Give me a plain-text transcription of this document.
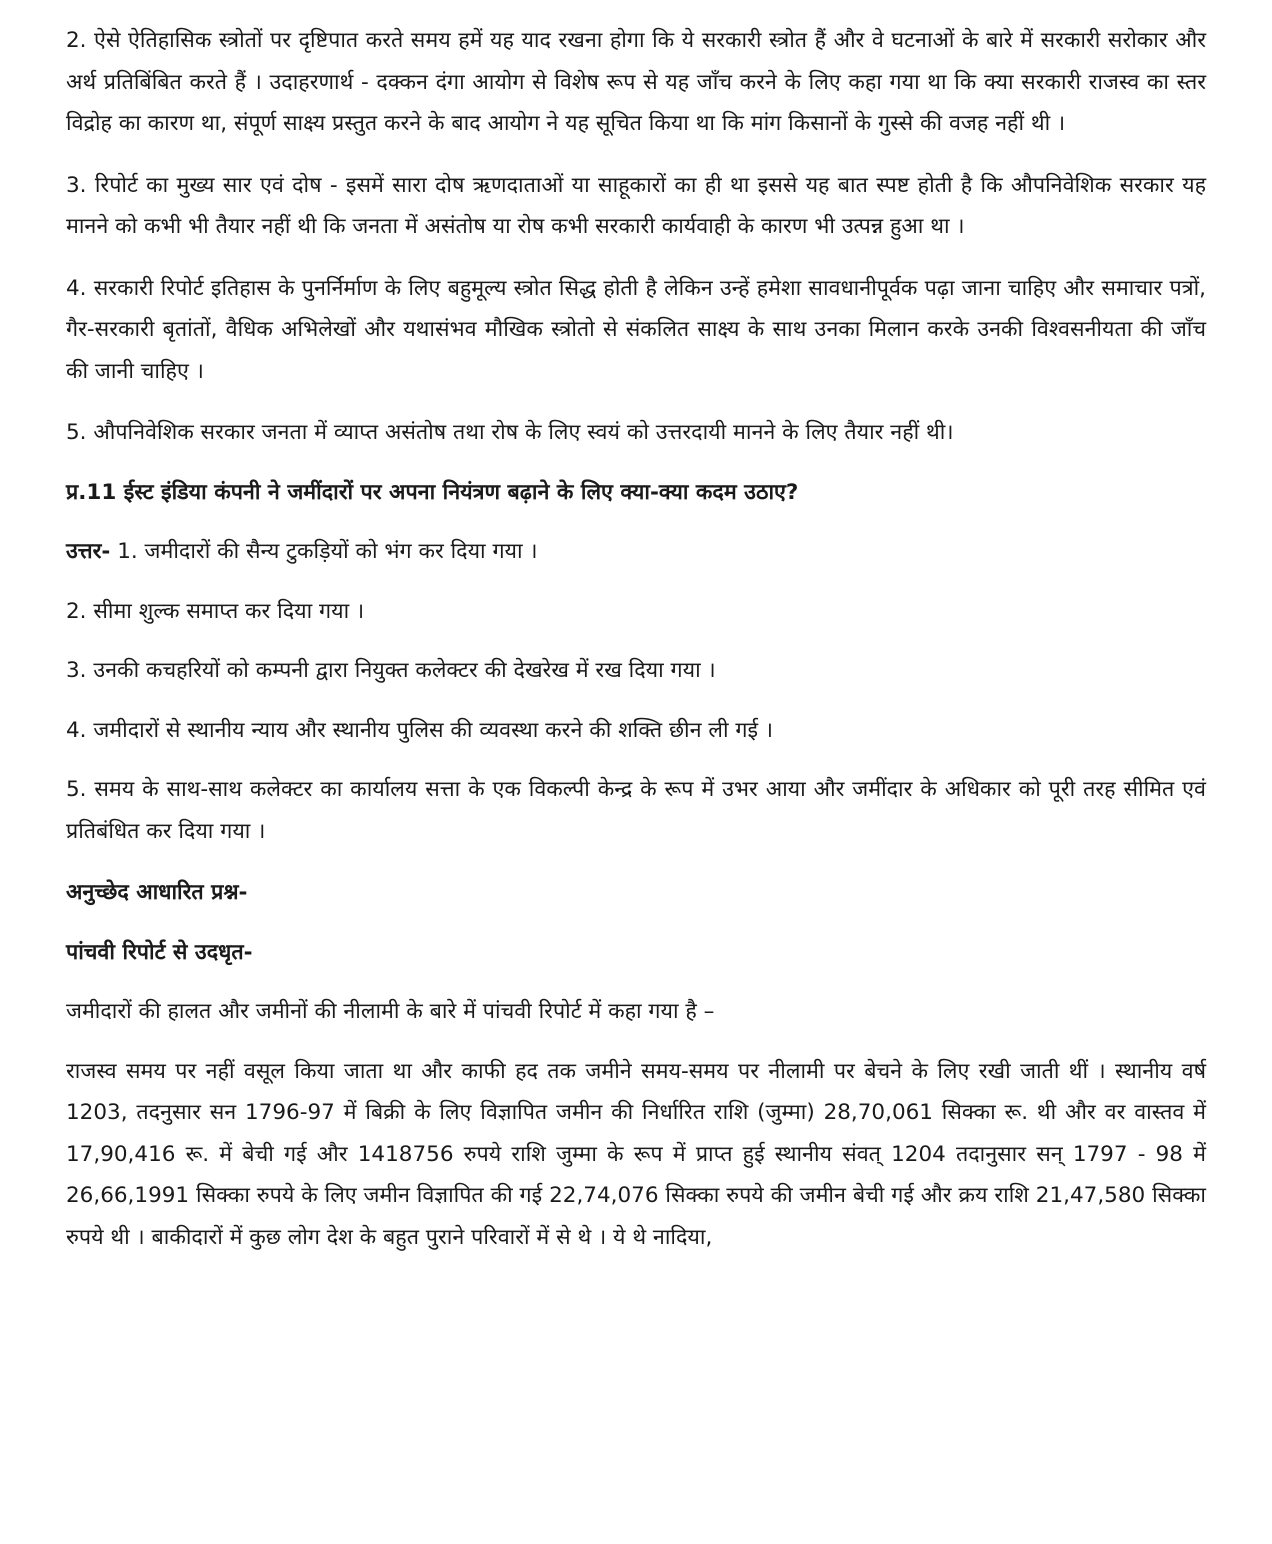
2. ऐसे ऐतिहासिक स्त्रोतों पर दृष्टिपात करते समय हमें यह याद रखना होगा कि ये सरकारी स्त्रोत हैं और वे घटनाओं के बारे में सरकारी सरोकार और अर्थ प्रतिबिंबित करते हैं । उदाहरणार्थ - दक्कन दंगा आयोग से विशेष रूप से यह जाँच करने के लिए कहा गया था कि क्या सरकारी राजस्व का स्तर विद्रोह का कारण था, संपूर्ण साक्ष्य प्रस्तुत करने के बाद आयोग ने यह सूचित किया था कि मांग किसानों के गुस्से की वजह नहीं थी ।

3. रिपोर्ट का मुख्य सार एवं दोष - इसमें सारा दोष ऋणदाताओं या साहूकारों का ही था इससे यह बात स्पष्ट होती है कि औपनिवेशिक सरकार यह मानने को कभी भी तैयार नहीं थी कि जनता में असंतोष या रोष कभी सरकारी कार्यवाही के कारण भी उत्पन्न हुआ था ।

4. सरकारी रिपोर्ट इतिहास के पुनर्निर्माण के लिए बहुमूल्य स्त्रोत सिद्ध होती है लेकिन उन्हें हमेशा सावधानीपूर्वक पढ़ा जाना चाहिए और समाचार पत्रों, गैर-सरकारी बृतांतों, वैधिक अभिलेखों और यथासंभव मौखिक स्त्रोतो से संकलित साक्ष्य के साथ उनका मिलान करके उनकी विश्वसनीयता की जाँच की जानी चाहिए ।

5. औपनिवेशिक सरकार जनता में व्याप्त असंतोष तथा रोष के लिए स्वयं को उत्तरदायी मानने के लिए तैयार नहीं थी।

प्र.11 ईस्ट इंडिया कंपनी ने जमींदारों पर अपना नियंत्रण बढ़ाने के लिए क्या-क्या कदम उठाए?

उत्तर- 1. जमीदारों की सैन्य टुकड़ियों को भंग कर दिया गया ।

2. सीमा शुल्क समाप्त कर दिया गया ।

3. उनकी कचहरियों को कम्पनी द्वारा नियुक्त कलेक्टर की देखरेख में रख दिया गया ।

4. जमीदारों से स्थानीय न्याय और स्थानीय पुलिस की व्यवस्था करने की शक्ति छीन ली गई ।

5. समय के साथ-साथ कलेक्टर का कार्यालय सत्ता के एक विकल्पी केन्द्र के रूप में उभर आया और जमींदार के अधिकार को पूरी तरह सीमित एवं प्रतिबंधित कर दिया गया ।

अनुच्छेद आधारित प्रश्न-

पांचवी रिपोर्ट से उदधृत-

जमीदारों की हालत और जमीनों की नीलामी के बारे में पांचवी रिपोर्ट में कहा गया है –

राजस्व समय पर नहीं वसूल किया जाता था और काफी हद तक जमीने समय-समय पर नीलामी पर बेचने के लिए रखी जाती थीं । स्थानीय वर्ष 1203, तदनुसार सन 1796-97 में बिक्री के लिए विज्ञापित जमीन की निर्धारित राशि (जुम्मा) 28,70,061 सिक्का रू. थी और वर वास्तव में 17,90,416 रू. में बेची गई और 1418756 रुपये राशि जुम्मा के रूप में प्राप्त हुई स्थानीय संवत् 1204 तदानुसार सन् 1797 - 98 में 26,66,1991 सिक्का रुपये के लिए जमीन विज्ञापित की गई 22,74,076 सिक्का रुपये की जमीन बेची गई और क्रय राशि 21,47,580 सिक्का रुपये थी । बाकीदारों में कुछ लोग देश के बहुत पुराने परिवारों में से थे । ये थे नादिया,
